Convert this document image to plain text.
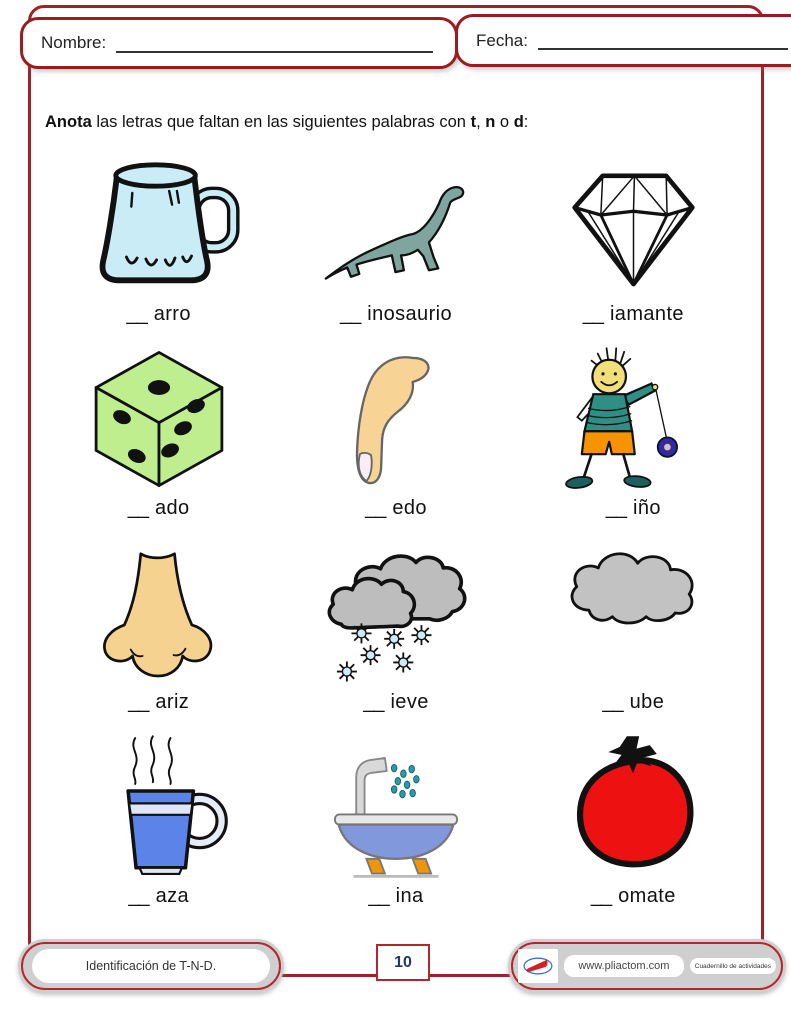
Nombre:	Fecha:

Anota las letras que faltan en las siguientes palabras con t, n o d:

__ arro	__ inosaurio	__ iamante
__ ado	__ edo	__ iño
__ ariz	__ ieve	__ ube
__ aza	__ ina	__ omate
Identificación de T-N-D.	10	www.pliactom.com	Cuadernillo de actividades
